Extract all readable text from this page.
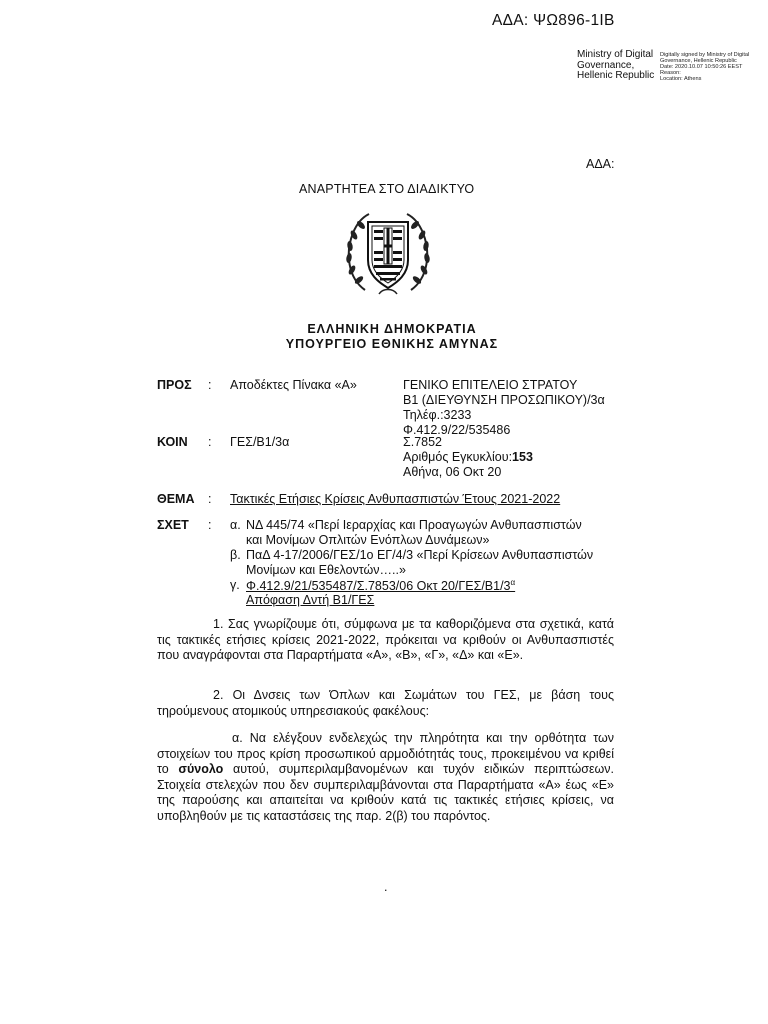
ΑΔΑ: ΨΩ896-1ΙΒ
Ministry of Digital Governance, Hellenic Republic
Digitally signed by Ministry of Digital Governance, Hellenic Republic
Date: 2020.10.07 10:50:26 EEST
Reason:
Location: Athens
ΑΔΑ:
ΑΝΑΡΤΗΤΕΑ ΣΤΟ ΔΙΑΔΙΚΤΥΟ
ΕΛΛΗΝΙΚΗ ΔΗΜΟΚΡΑΤΙΑ
ΥΠΟΥΡΓΕΙΟ ΕΘΝΙΚΗΣ ΑΜΥΝΑΣ
ΠΡΟΣ : Αποδέκτες Πίνακα «Α»	ΓΕΝΙΚΟ ΕΠΙΤΕΛΕΙΟ ΣΤΡΑΤΟΥ
Β1 (ΔΙΕΥΘΥΝΣΗ ΠΡΟΣΩΠΙΚΟΥ)/3α
Τηλέφ.:3233
Φ.412.9/22/535486
Σ.7852
Αριθμός Εγκυκλίου:153
Αθήνα, 06 Οκτ 20
ΚΟΙΝ : ΓΕΣ/Β1/3α
ΘΕΜΑ : Τακτικές Ετήσιες Κρίσεις Ανθυπασπιστών Έτους 2021-2022
ΣΧΕΤ : α. ΝΔ 445/74 «Περί Ιεραρχίας και Προαγωγών Ανθυπασπιστών
και Μονίμων Οπλιτών Ενόπλων Δυνάμεων»
β. ΠαΔ 4-17/2006/ΓΕΣ/1ο ΕΓ/4/3 «Περί Κρίσεων Ανθυπασπιστών
Μονίμων και Εθελοντών…..»
γ. Φ.412.9/21/535487/Σ.7853/06 Οκτ $20/\Gamma E\Sigma/B1/3^\alpha$
Απόφαση Δντή Β1/ΓΕΣ
1. Σας γνωρίζουμε ότι, σύμφωνα με τα καθοριζόμενα στα σχετικά, κατά τις τακτικές ετήσιες κρίσεις 2021-2022, πρόκειται να κριθούν οι Ανθυπασπιστές που αναγράφονται στα Παραρτήματα «Α», «Β», «Γ», «Δ» και «Ε».
2. Οι Δνσεις των Όπλων και Σωμάτων του ΓΕΣ, με βάση τους τηρούμενους ατομικούς υπηρεσιακούς φακέλους:
α. Να ελέγξουν ενδελεχώς την πληρότητα και την ορθότητα των στοιχείων του προς κρίση προσωπικού αρμοδιότητάς τους, προκειμένου να κριθεί το σύνολο αυτού, συμπεριλαμβανομένων και τυχόν ειδικών περιπτώσεων. Στοιχεία στελεχών που δεν συμπεριλαμβάνονται στα Παραρτήματα «Α» έως «Ε» της παρούσης και απαιτείται να κριθούν κατά τις τακτικές ετήσιες κρίσεις, να υποβληθούν με τις καταστάσεις της παρ. 2(β) του παρόντος.
.
